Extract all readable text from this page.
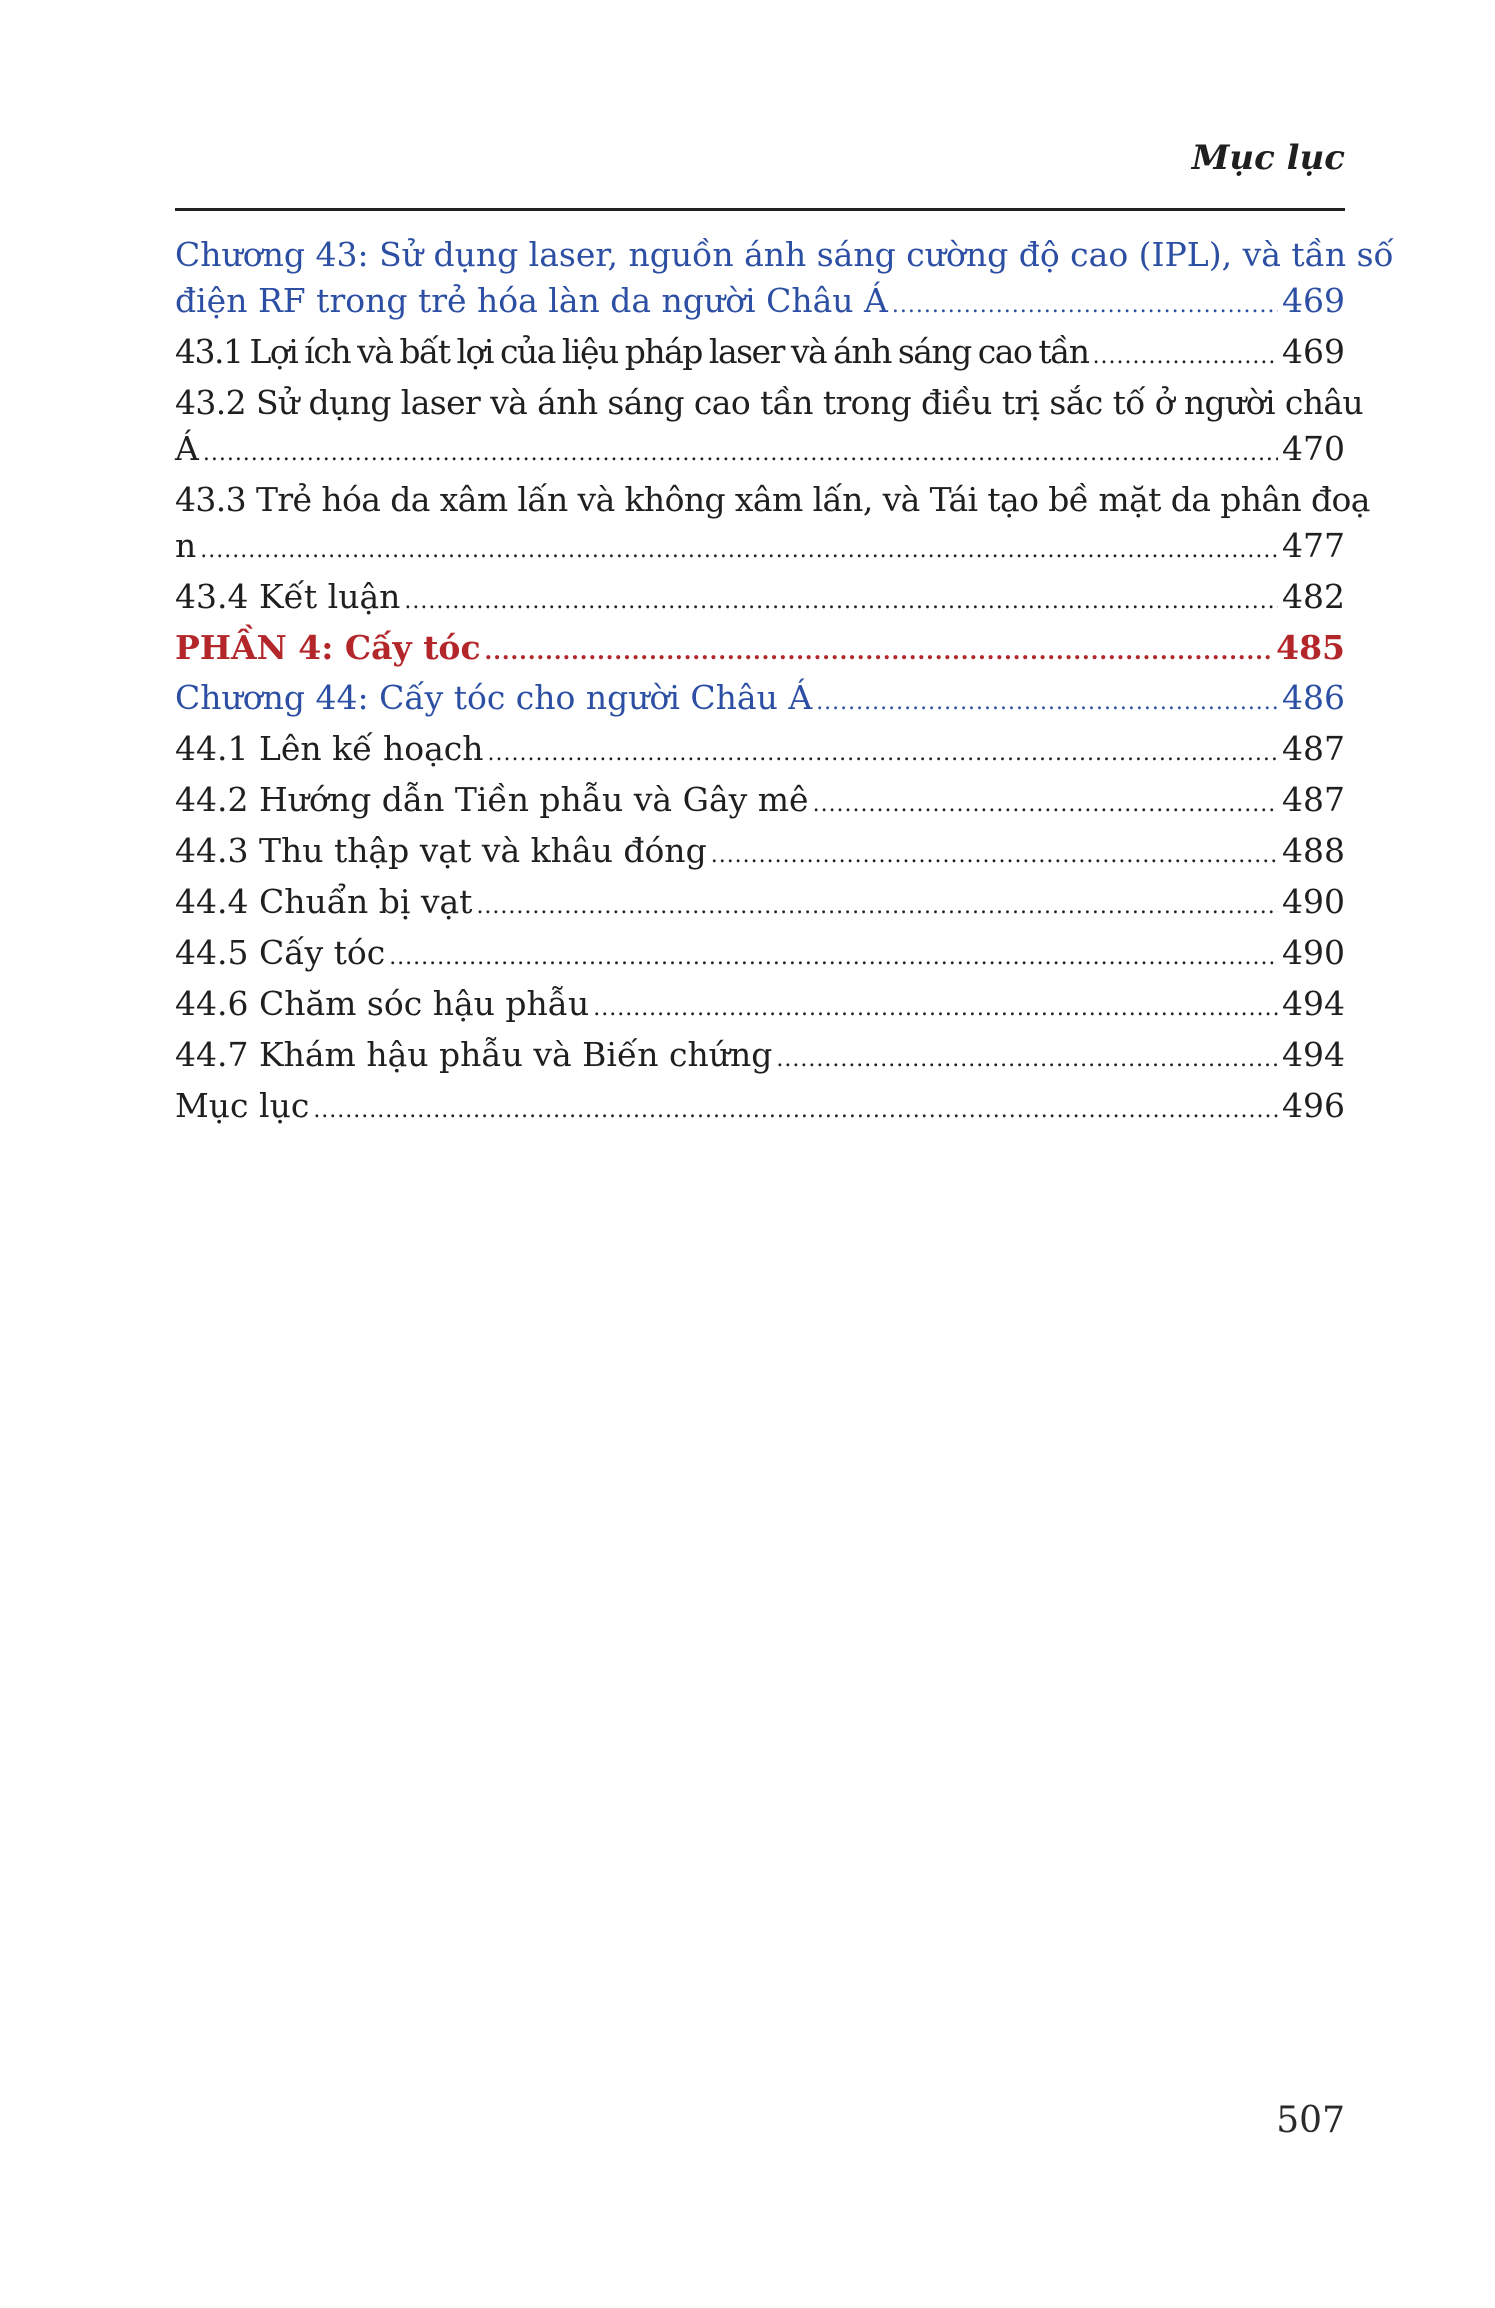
Mục lục
Chương 43: Sử dụng laser, nguồn ánh sáng cường độ cao (IPL), và tần số
điện RF trong trẻ hóa làn da người Châu Á .....	469
43.1 Lợi ích và bất lợi của liệu pháp laser và ánh sáng cao tần .....	469
43.2 Sử dụng laser và ánh sáng cao tần trong điều trị sắc tố ở người châu
Á .....	470
43.3 Trẻ hóa da xâm lấn và không xâm lấn, và Tái tạo bề mặt da phân đoạ
n .....	477
43.4 Kết luận .....	482
PHẦN 4: Cấy tóc .....	485
Chương 44: Cấy tóc cho người Châu Á .....	486
44.1 Lên kế hoạch .....	487
44.2 Hướng dẫn Tiền phẫu và Gây mê .....	487
44.3 Thu thập vạt và khâu đóng .....	488
44.4 Chuẩn bị vạt .....	490
44.5 Cấy tóc .....	490
44.6 Chăm sóc hậu phẫu .....	494
44.7 Khám hậu phẫu và Biến chứng .....	494
Mục lục .....	496
507
